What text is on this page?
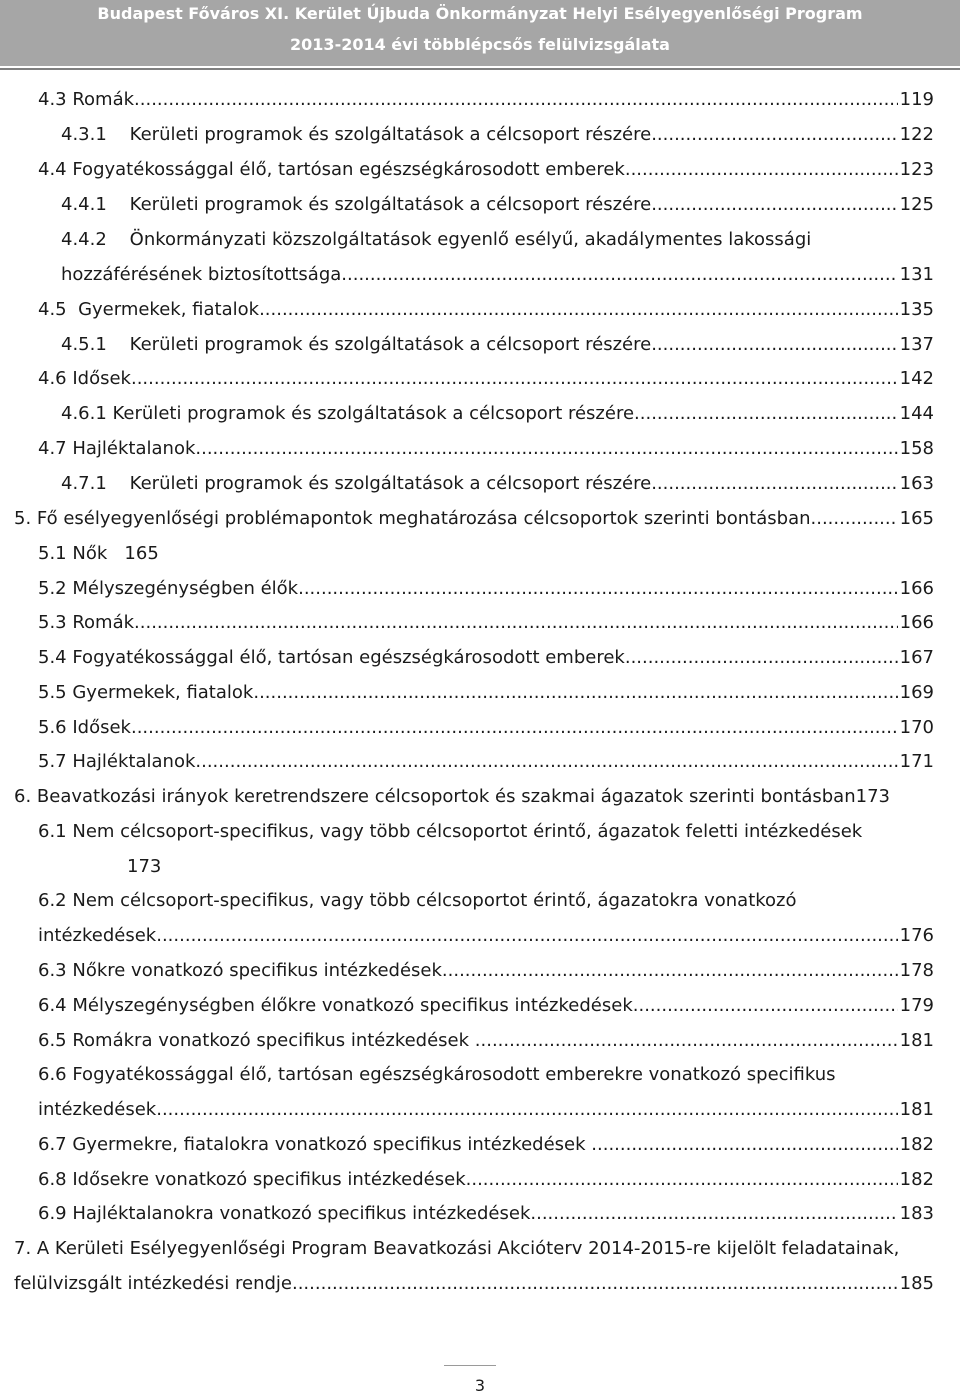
Budapest Főváros XI. Kerület Újbuda Önkormányzat Helyi Esélyegyenlőségi Program
2013-2014 évi többlépcsős felülvizsgálata
4.3 Romák .....	119
4.3.1    Kerületi programok és szolgáltatások a célcsoport részére .....	122
4.4 Fogyatékossággal élő, tartósan egészségkárosodott emberek .....	123
4.4.1    Kerületi programok és szolgáltatások a célcsoport részére .....	125
4.4.2    Önkormányzati közszolgáltatások egyenlő esélyű, akadálymentes lakossági
hozzáférésének biztosítottsága .....	131
4.5  Gyermekek, fiatalok .....	135
4.5.1    Kerületi programok és szolgáltatások a célcsoport részére .....	137
4.6 Idősek .....	142
4.6.1 Kerületi programok és szolgáltatások a célcsoport részére .....	144
4.7 Hajléktalanok .....	158
4.7.1    Kerületi programok és szolgáltatások a célcsoport részére .....	163
5. Fő esélyegyenlőségi problémapontok meghatározása célcsoportok szerinti bontásban .....	165
5.1 Nők   165
5.2 Mélyszegénységben élők .....	166
5.3 Romák .....	166
5.4 Fogyatékossággal élő, tartósan egészségkárosodott emberek .....	167
5.5 Gyermekek, fiatalok .....	169
5.6 Idősek .....	170
5.7 Hajléktalanok .....	171
6. Beavatkozási irányok keretrendszere célcsoportok és szakmai ágazatok szerinti bontásban173
6.1 Nem célcsoport-specifikus, vagy több célcsoportot érintő, ágazatok feletti intézkedések
173
6.2 Nem célcsoport-specifikus, vagy több célcsoportot érintő, ágazatokra vonatkozó
intézkedések .....	176
6.3 Nőkre vonatkozó specifikus intézkedések .....	178
6.4 Mélyszegénységben élőkre vonatkozó specifikus intézkedések .....	179
6.5 Romákra vonatkozó specifikus intézkedések .....	181
6.6 Fogyatékossággal élő, tartósan egészségkárosodott emberekre vonatkozó specifikus
intézkedések .....	181
6.7 Gyermekre, fiatalokra vonatkozó specifikus intézkedések .....	182
6.8 Idősekre vonatkozó specifikus intézkedések .....	182
6.9 Hajléktalanokra vonatkozó specifikus intézkedések .....	183
7. A Kerületi Esélyegyenlőségi Program Beavatkozási Akcióterv 2014-2015-re kijelölt feladatainak,
felülvizsgált intézkedési rendje .....	185
3
